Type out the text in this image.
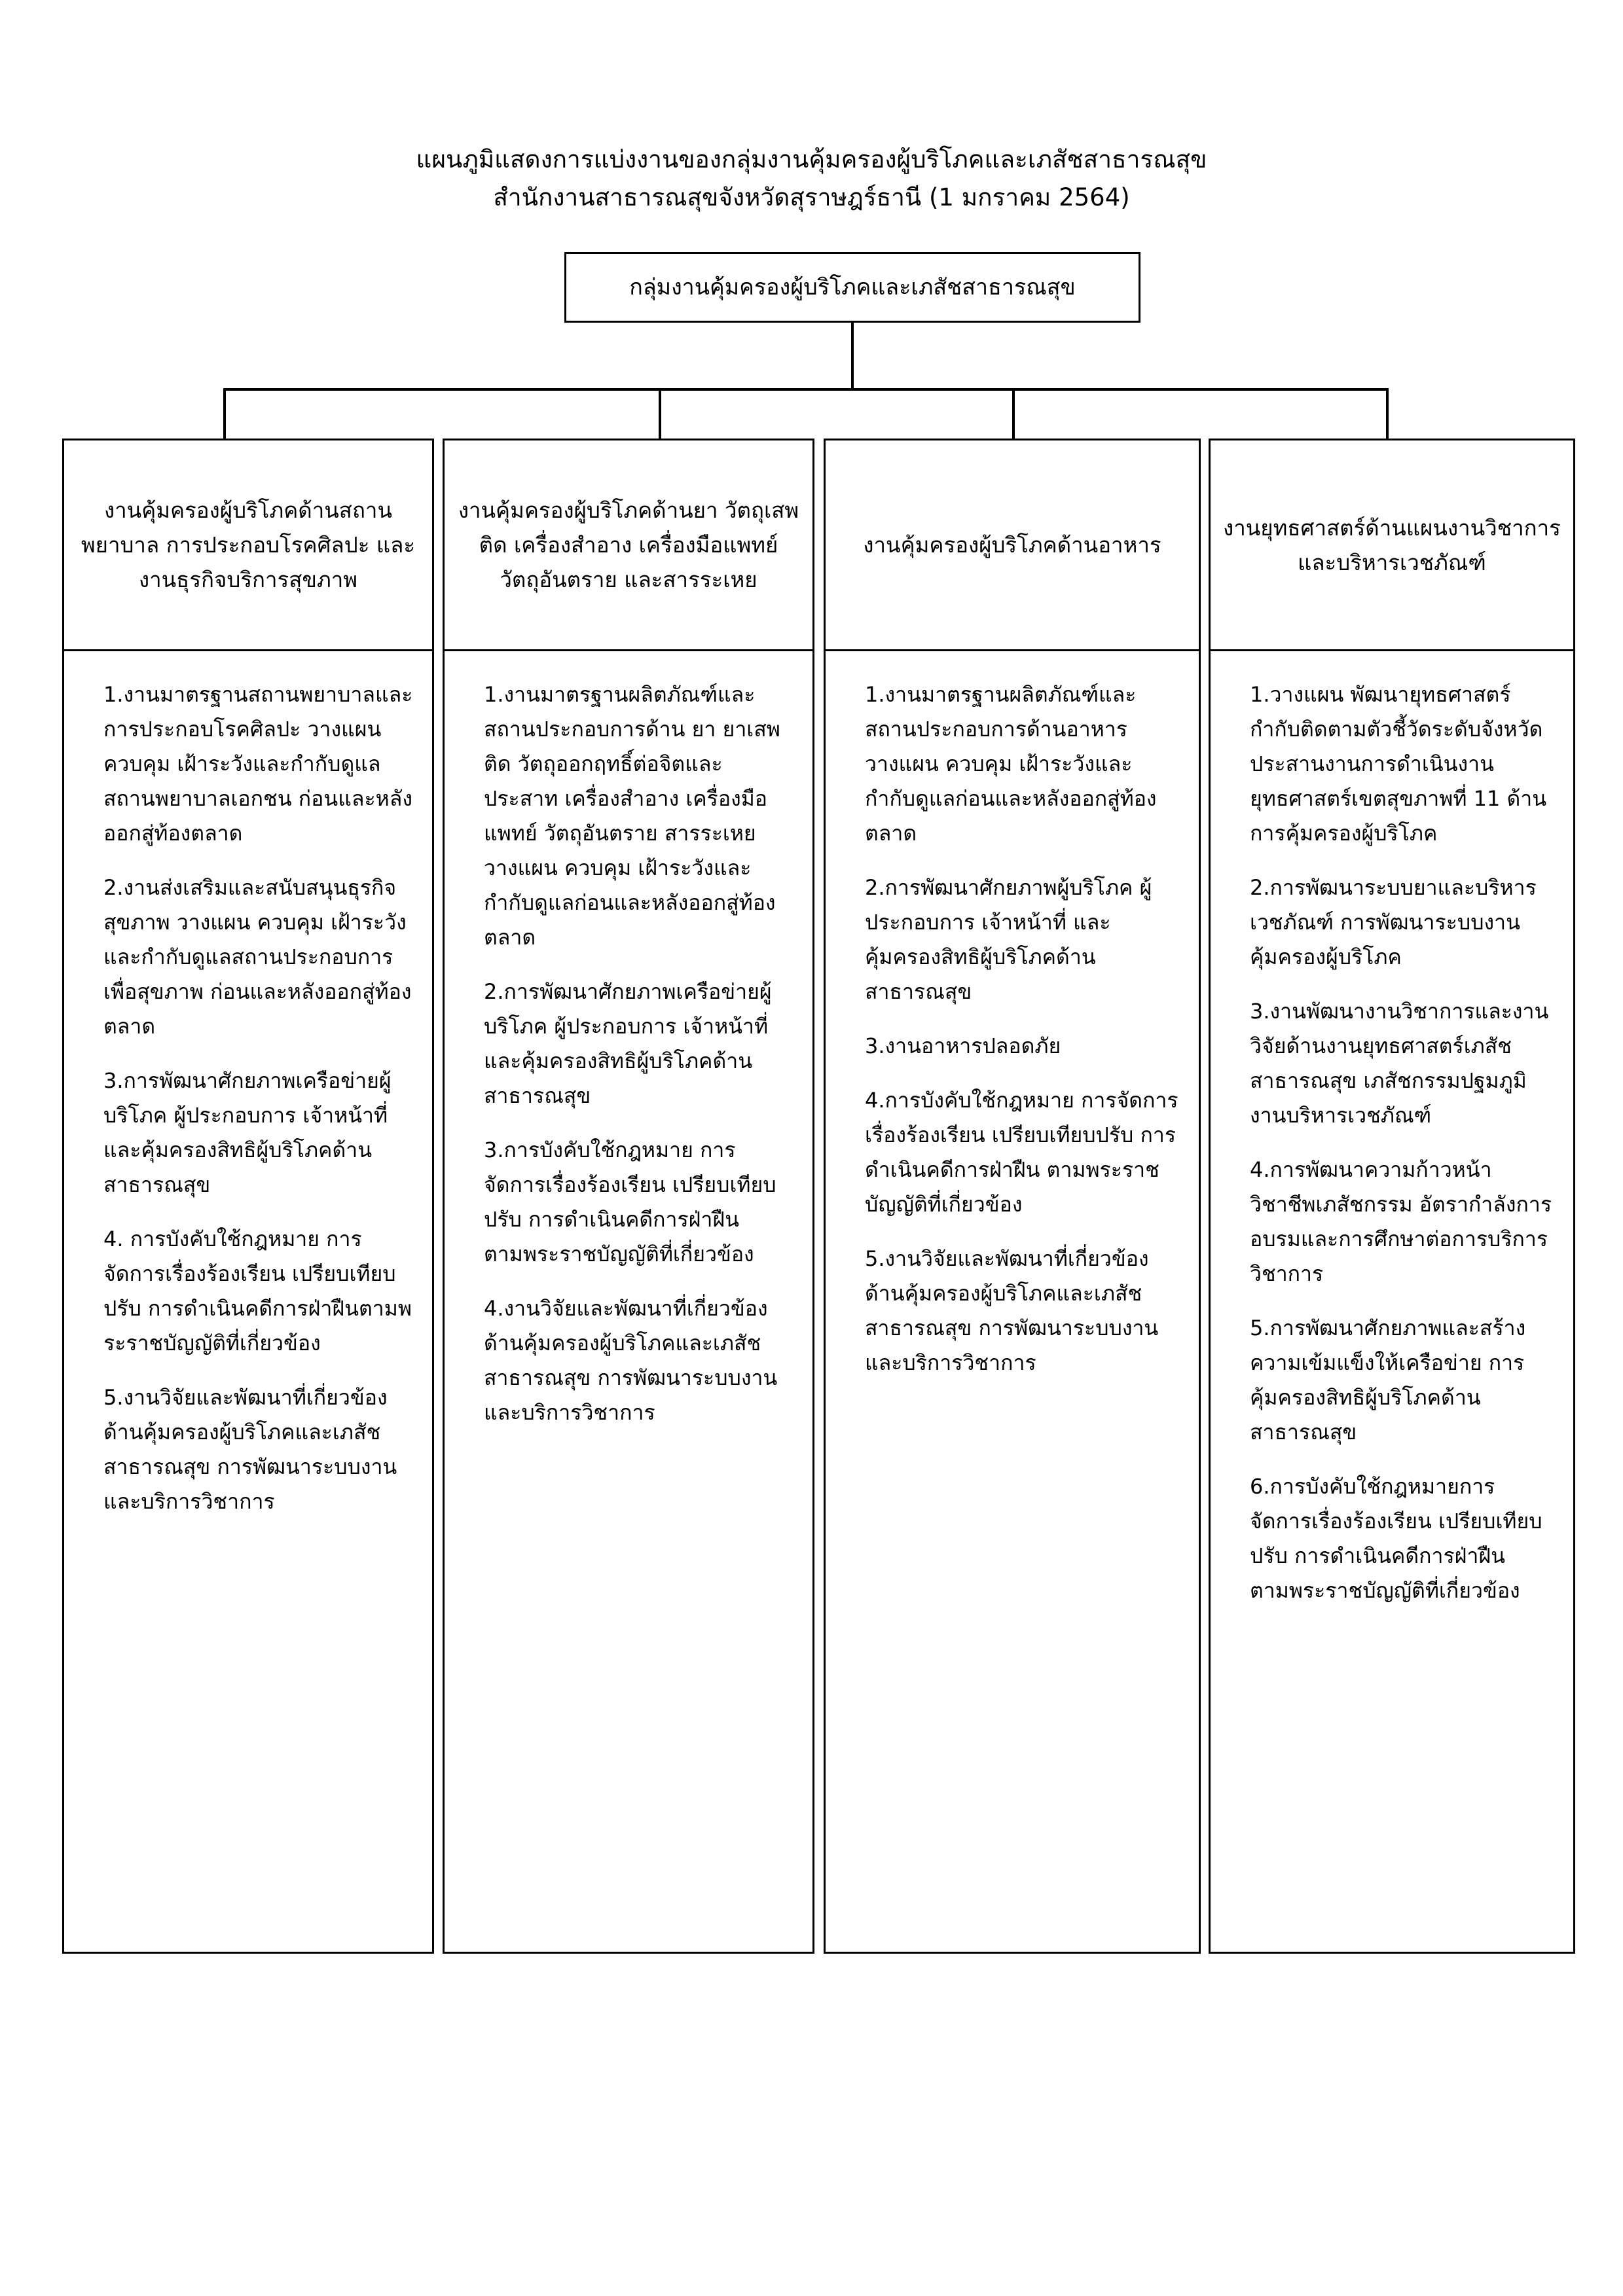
แผนภูมิแสดงการแบ่งงานของกลุ่มงานคุ้มครองผู้บริโภคและเภสัชสาธารณสุข
สำนักงานสาธารณสุขจังหวัดสุราษฎร์ธานี (1 มกราคม 2564)
กลุ่มงานคุ้มครองผู้บริโภคและเภสัชสาธารณสุข
งานคุ้มครองผู้บริโภคด้านสถานพยาบาล การประกอบโรคศิลปะ และงานธุรกิจบริการสุขภาพ
1.งานมาตรฐานสถานพยาบาลและการประกอบโรคศิลปะ วางแผน ควบคุม เฝ้าระวังและกำกับดูแลสถานพยาบาลเอกชน ก่อนและหลังออกสู่ท้องตลาด
2.งานส่งเสริมและสนับสนุนธุรกิจสุขภาพ วางแผน ควบคุม เฝ้าระวังและกำกับดูแลสถานประกอบการเพื่อสุขภาพ ก่อนและหลังออกสู่ท้องตลาด
3.การพัฒนาศักยภาพเครือข่ายผู้บริโภค ผู้ประกอบการ เจ้าหน้าที่ และคุ้มครองสิทธิผู้บริโภคด้านสาธารณสุข
4. การบังคับใช้กฎหมาย การจัดการเรื่องร้องเรียน เปรียบเทียบปรับ การดำเนินคดีการฝ่าฝืนตามพระราชบัญญัติที่เกี่ยวข้อง
5.งานวิจัยและพัฒนาที่เกี่ยวข้องด้านคุ้มครองผู้บริโภคและเภสัชสาธารณสุข การพัฒนาระบบงานและบริการวิชาการ
งานคุ้มครองผู้บริโภคด้านยา วัตถุเสพติด เครื่องสำอาง เครื่องมือแพทย์ วัตถุอันตราย และสารระเหย
1.งานมาตรฐานผลิตภัณฑ์และสถานประกอบการด้าน ยา ยาเสพติด วัตถุออกฤทธิ์ต่อจิตและประสาท เครื่องสำอาง เครื่องมือแพทย์ วัตถุอันตราย สารระเหย วางแผน ควบคุม เฝ้าระวังและกำกับดูแลก่อนและหลังออกสู่ท้องตลาด
2.การพัฒนาศักยภาพเครือข่ายผู้บริโภค ผู้ประกอบการ เจ้าหน้าที่ และคุ้มครองสิทธิผู้บริโภคด้านสาธารณสุข
3.การบังคับใช้กฎหมาย การจัดการเรื่องร้องเรียน เปรียบเทียบปรับ การดำเนินคดีการฝ่าฝืน ตามพระราชบัญญัติที่เกี่ยวข้อง
4.งานวิจัยและพัฒนาที่เกี่ยวข้องด้านคุ้มครองผู้บริโภคและเภสัชสาธารณสุข การพัฒนาระบบงานและบริการวิชาการ
งานคุ้มครองผู้บริโภคด้านอาหาร
1.งานมาตรฐานผลิตภัณฑ์และสถานประกอบการด้านอาหาร วางแผน ควบคุม เฝ้าระวังและกำกับดูแลก่อนและหลังออกสู่ท้องตลาด
2.การพัฒนาศักยภาพผู้บริโภค ผู้ประกอบการ เจ้าหน้าที่ และคุ้มครองสิทธิผู้บริโภคด้านสาธารณสุข
3.งานอาหารปลอดภัย
4.การบังคับใช้กฎหมาย การจัดการเรื่องร้องเรียน เปรียบเทียบปรับ การดำเนินคดีการฝ่าฝืน ตามพระราชบัญญัติที่เกี่ยวข้อง
5.งานวิจัยและพัฒนาที่เกี่ยวข้องด้านคุ้มครองผู้บริโภคและเภสัชสาธารณสุข การพัฒนาระบบงานและบริการวิชาการ
งานยุทธศาสตร์ด้านแผนงานวิชาการและบริหารเวชภัณฑ์
1.วางแผน พัฒนายุทธศาสตร์ กำกับติดตามตัวชี้วัดระดับจังหวัด ประสานงานการดำเนินงานยุทธศาสตร์เขตสุขภาพที่ 11 ด้านการคุ้มครองผู้บริโภค
2.การพัฒนาระบบยาและบริหารเวชภัณฑ์ การพัฒนาระบบงานคุ้มครองผู้บริโภค
3.งานพัฒนางานวิชาการและงานวิจัยด้านงานยุทธศาสตร์เภสัชสาธารณสุข เภสัชกรรมปฐมภูมิ งานบริหารเวชภัณฑ์
4.การพัฒนาความก้าวหน้าวิชาชีพเภสัชกรรม อัตรากำลังการอบรมและการศึกษาต่อการบริการวิชาการ
5.การพัฒนาศักยภาพและสร้างความเข้มแข็งให้เครือข่าย การคุ้มครองสิทธิผู้บริโภคด้านสาธารณสุข
6.การบังคับใช้กฎหมายการจัดการเรื่องร้องเรียน เปรียบเทียบปรับ การดำเนินคดีการฝ่าฝืน ตามพระราชบัญญัติที่เกี่ยวข้อง
